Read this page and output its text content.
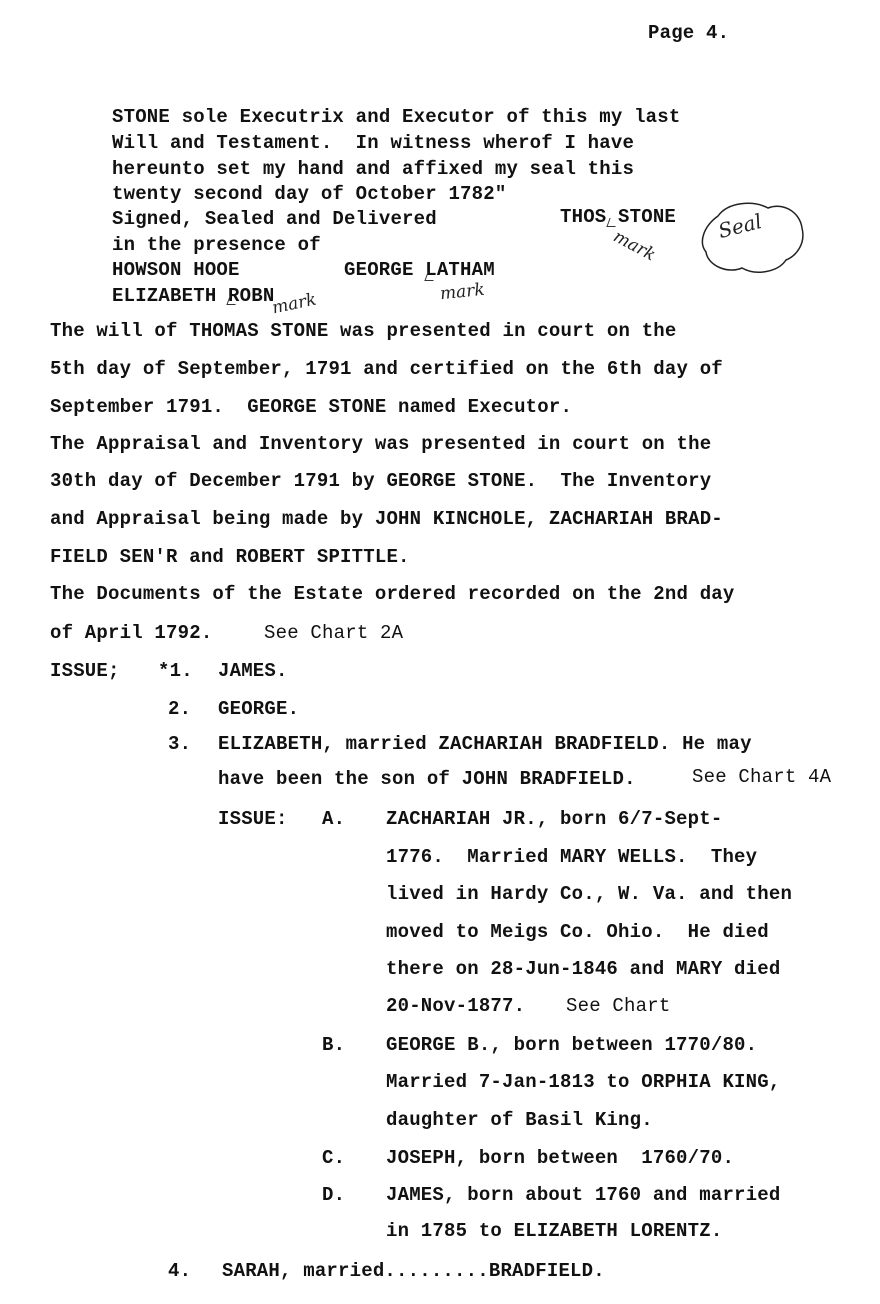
Page 4.
STONE sole Executrix and Executor of this my last
Will and Testament.  In witness wherof I have
hereunto set my hand and affixed my seal this
twenty second day of October 1782"
Signed, Sealed and Delivered
in the presence of
THOS STONE
mark
Seal
HOWSON HOOE	GEORGE LATHAM
mark
ELIZABETH ROBN
mark
The will of THOMAS STONE was presented in court on the
5th day of September, 1791 and certified on the 6th day of
September 1791.  GEORGE STONE named Executor.
The Appraisal and Inventory was presented in court on the
30th day of December 1791 by GEORGE STONE.  The Inventory
and Appraisal being made by JOHN KINCHOLE, ZACHARIAH BRAD-
FIELD SEN'R and ROBERT SPITTLE.
The Documents of the Estate ordered recorded on the 2nd day
of April 1792.	See Chart 2A
ISSUE; *1. JAMES.
2. GEORGE.
3. ELIZABETH, married ZACHARIAH BRADFIELD. He may
have been the son of JOHN BRADFIELD.	See Chart 4A
ISSUE: A. ZACHARIAH JR., born 6/7-Sept-
1776.  Married MARY WELLS.  They
lived in Hardy Co., W. Va. and then
moved to Meigs Co. Ohio.  He died
there on 28-Jun-1846 and MARY died
20-Nov-1877. See Chart
B. GEORGE B., born between 1770/80.
Married 7-Jan-1813 to ORPHIA KING,
daughter of Basil King.
C. JOSEPH, born between  1760/70.
D. JAMES, born about 1760 and married
in 1785 to ELIZABETH LORENTZ.
4. SARAH, married.........BRADFIELD.
